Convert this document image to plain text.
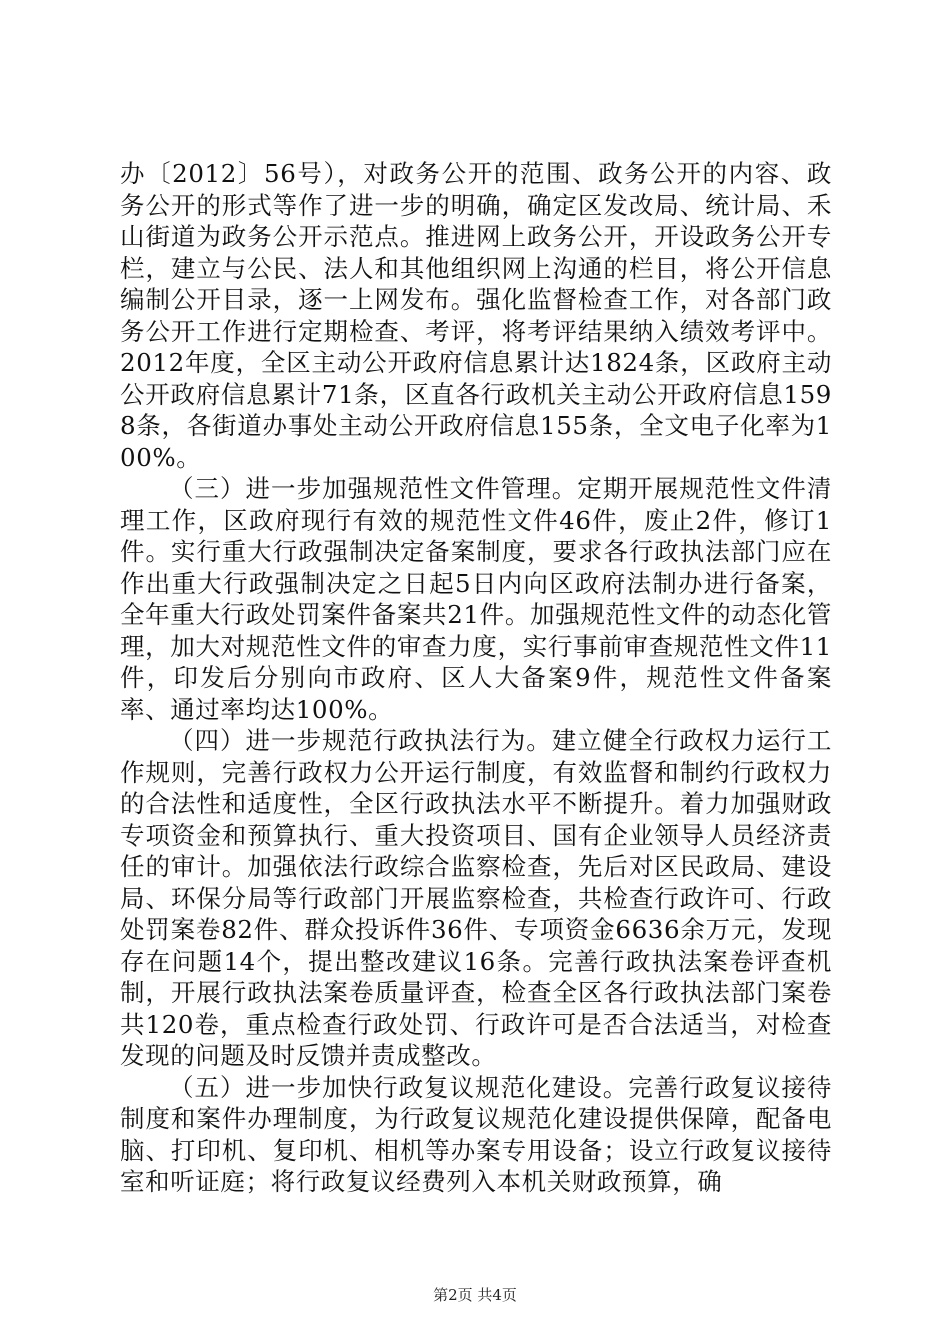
办〔2012〕56号），对政务公开的范围、政务公开的内容、政务公开的形式等作了进一步的明确，确定区发改局、统计局、禾山街道为政务公开示范点。推进网上政务公开，开设政务公开专栏，建立与公民、法人和其他组织网上沟通的栏目，将公开信息编制公开目录，逐一上网发布。强化监督检查工作，对各部门政务公开工作进行定期检查、考评，将考评结果纳入绩效考评中。2012年度，全区主动公开政府信息累计达1824条，区政府主动公开政府信息累计71条，区直各行政机关主动公开政府信息1598条，各街道办事处主动公开政府信息155条，全文电子化率为100%。

（三）进一步加强规范性文件管理。定期开展规范性文件清理工作，区政府现行有效的规范性文件46件，废止2件，修订1件。实行重大行政强制决定备案制度，要求各行政执法部门应在作出重大行政强制决定之日起5日内向区政府法制办进行备案，全年重大行政处罚案件备案共21件。加强规范性文件的动态化管理，加大对规范性文件的审查力度，实行事前审查规范性文件11件，印发后分别向市政府、区人大备案9件，规范性文件备案率、通过率均达100%。

（四）进一步规范行政执法行为。建立健全行政权力运行工作规则，完善行政权力公开运行制度，有效监督和制约行政权力的合法性和适度性，全区行政执法水平不断提升。着力加强财政专项资金和预算执行、重大投资项目、国有企业领导人员经济责任的审计。加强依法行政综合监察检查，先后对区民政局、建设局、环保分局等行政部门开展监察检查，共检查行政许可、行政处罚案卷82件、群众投诉件36件、专项资金6636余万元，发现存在问题14个，提出整改建议16条。完善行政执法案卷评查机制，开展行政执法案卷质量评查，检查全区各行政执法部门案卷共120卷，重点检查行政处罚、行政许可是否合法适当，对检查发现的问题及时反馈并责成整改。

（五）进一步加快行政复议规范化建设。完善行政复议接待制度和案件办理制度，为行政复议规范化建设提供保障，配备电脑、打印机、复印机、相机等办案专用设备；设立行政复议接待室和听证庭；将行政复议经费列入本机关财政预算，确

第2页 共4页
